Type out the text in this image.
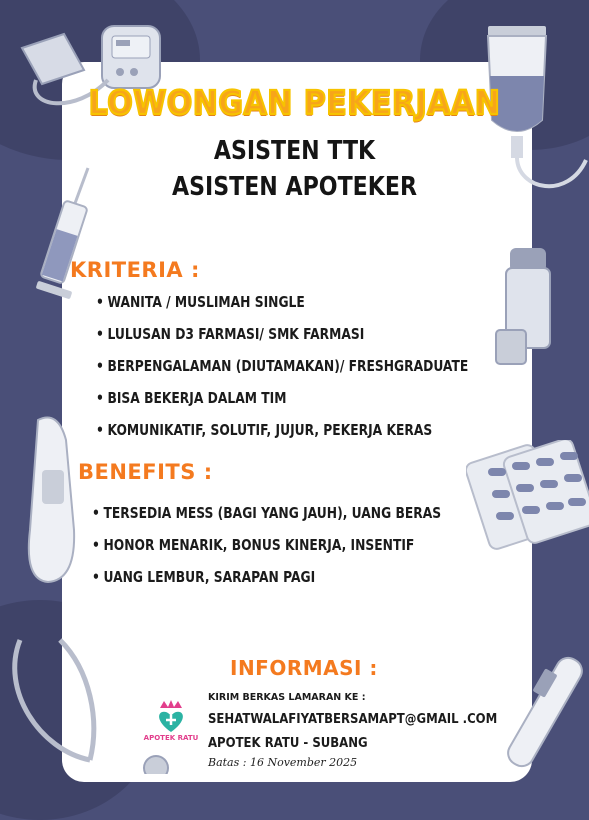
LOWONGAN PEKERJAAN
ASISTEN TTK
ASISTEN APOTEKER
KRITERIA :
• WANITA / MUSLIMAH SINGLE
• LULUSAN D3 FARMASI/ SMK FARMASI
• BERPENGALAMAN (DIUTAMAKAN)/ FRESHGRADUATE
• BISA BEKERJA DALAM TIM
• KOMUNIKATIF, SOLUTIF, JUJUR, PEKERJA KERAS
BENEFITS :
• TERSEDIA MESS (BAGI YANG JAUH), UANG BERAS
• HONOR MENARIK, BONUS KINERJA, INSENTIF
• UANG LEMBUR, SARAPAN PAGI
INFORMASI :
APOTEK RATU
KIRIM BERKAS LAMARAN KE :
SEHATWALAFIYATBERSAMAPT@GMAIL .COM
APOTEK RATU - SUBANG
Batas : 16 November 2025
